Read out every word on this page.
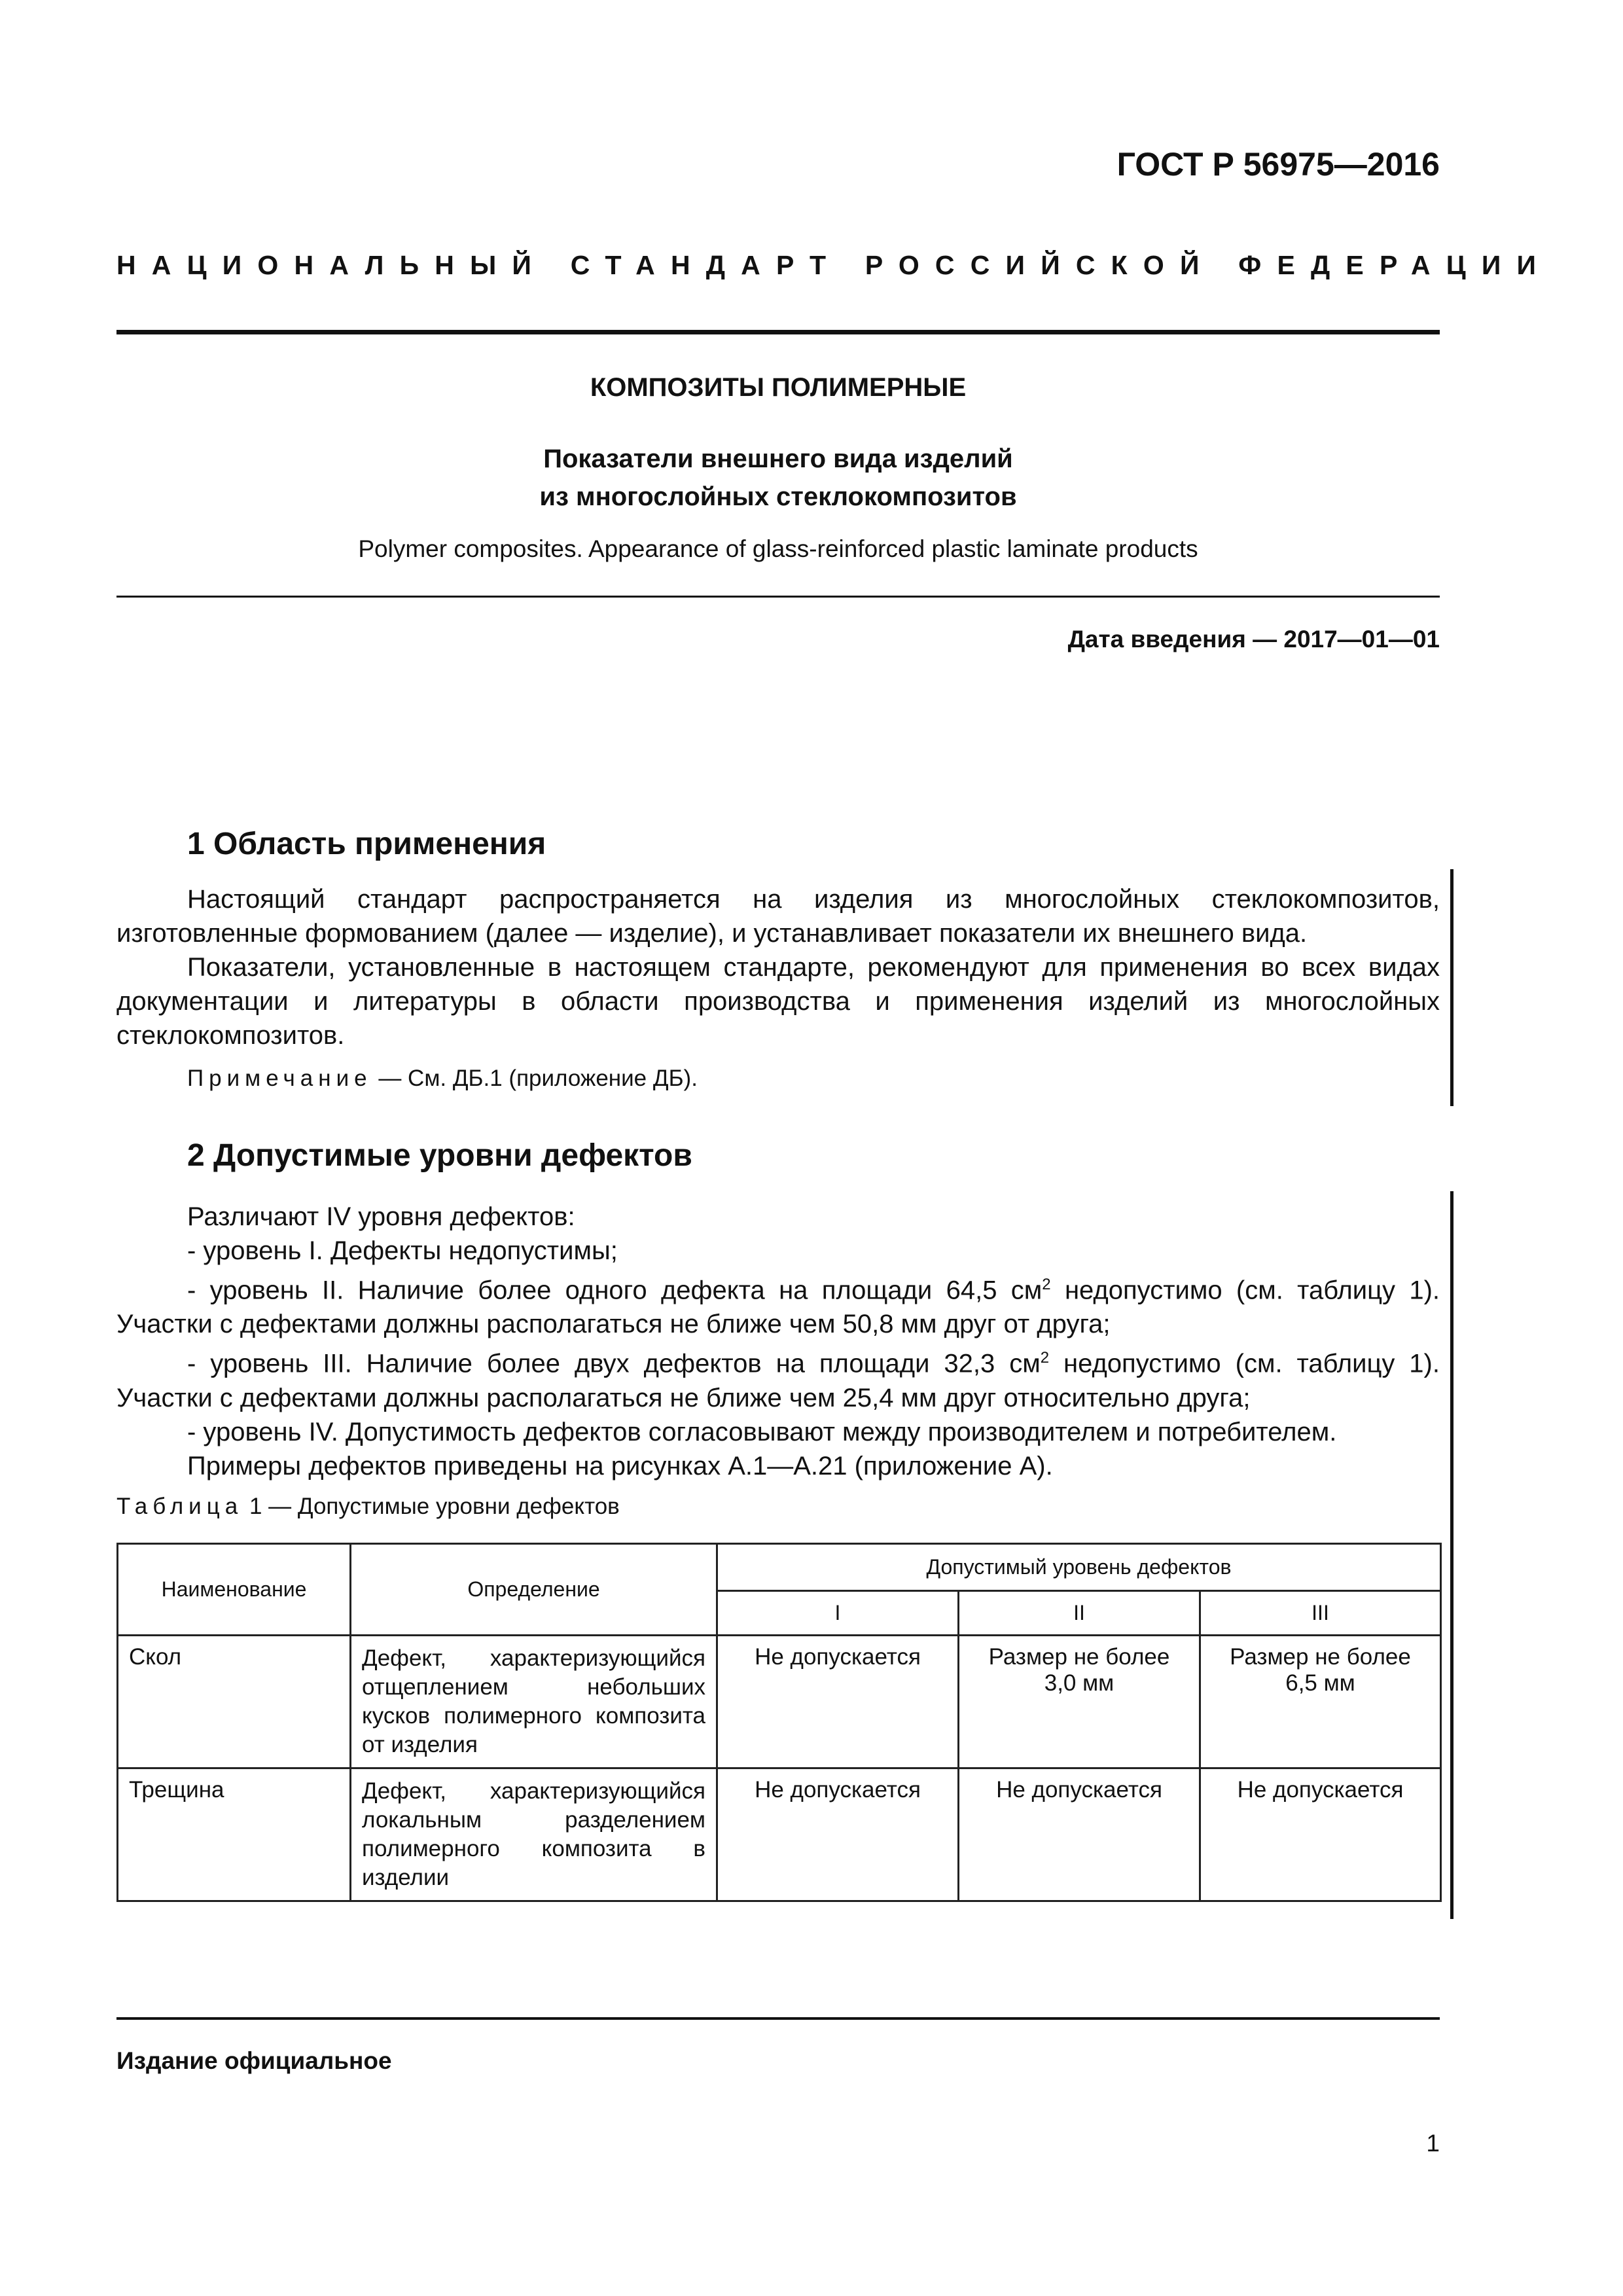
ГОСТ Р 56975—2016
НАЦИОНАЛЬНЫЙ СТАНДАРТ РОССИЙСКОЙ ФЕДЕРАЦИИ
КОМПОЗИТЫ ПОЛИМЕРНЫЕ
Показатели внешнего вида изделий
из многослойных стеклокомпозитов
Polymer composites. Appearance of glass-reinforced plastic laminate products
Дата введения — 2017—01—01
1 Область применения

Настоящий стандарт распространяется на изделия из многослойных стеклокомпозитов, изготовленные формованием (далее — изделие), и устанавливает показатели их внешнего вида.

Показатели, установленные в настоящем стандарте, рекомендуют для применения во всех видах документации и литературы в области производства и применения изделий из многослойных стеклокомпозитов.

Примечание — См. ДБ.1 (приложение ДБ).
2 Допустимые уровни дефектов

Различают IV уровня дефектов:

- уровень I. Дефекты недопустимы;

- уровень II. Наличие более одного дефекта на площади 64,5 $см^2$ недопустимо (см. таблицу 1). Участки с дефектами должны располагаться не ближе чем 50,8 мм друг от друга;

- уровень III. Наличие более двух дефектов на площади 32,3 $см^2$ недопустимо (см. таблицу 1). Участки с дефектами должны располагаться не ближе чем 25,4 мм друг относительно друга;

- уровень IV. Допустимость дефектов согласовывают между производителем и потребителем.

Примеры дефектов приведены на рисунках А.1—А.21 (приложение А).

Таблица 1 — Допустимые уровни дефектов
Наименование	Определение	Допустимый уровень дефектов		
		I	II	III
Скол	Дефект, характеризующийся отщеплением небольших кусков полимерного композита от изделия	Не допускается	Размер не более 3,0 мм	Размер не более 6,5 мм
Трещина	Дефект, характеризующийся локальным разделением полимерного композита в изделии	Не допускается	Не допускается	Не допускается
Издание официальное
1
